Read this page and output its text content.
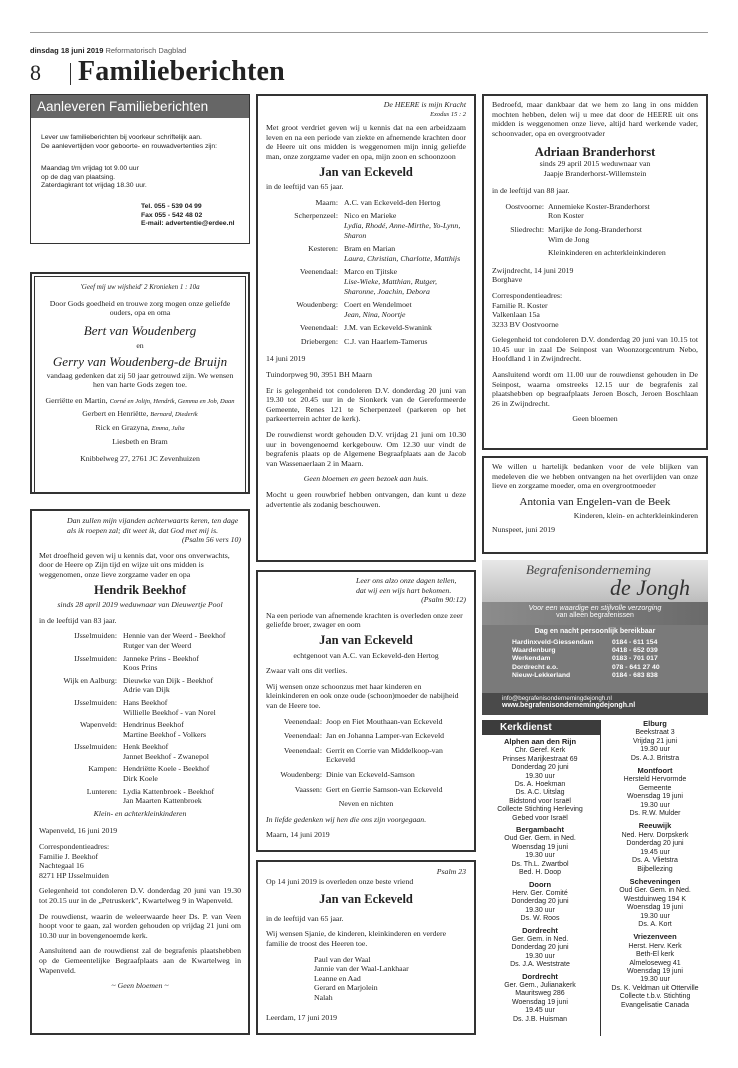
dinsdag 18 juni 2019 Reformatorisch Dagblad
8 Familieberichten
Aanleveren Familieberichten
Lever uw familieberichten bij voorkeur schriftelijk aan.
De aanlevertijden voor geboorte- en rouwadvertenties zijn:
Maandag t/m vrijdag tot 9.00 uur
op de dag van plaatsing.
Zaterdagkrant tot vrijdag 18.30 uur.
Tel. 055 - 539 04 99
Fax 055 - 542 48 02
E-mail: advertentie@erdee.nl
'Geef mij uw wijsheid' 2 Kronieken 1 : 10a
Door Gods goedheid en trouwe zorg mogen onze geliefde ouders, opa en oma
Bert van Woudenberg
en
Gerry van Woudenberg-de Bruijn
vandaag gedenken dat zij 50 jaar getrouwd zijn. We wensen hen van harte Gods zegen toe.
Gerriëtte en Martin, Corné en Jolijn, Hendrik, Gemma en Job, Daan
Gerbert en Henriëtte, Bernard, Diederik
Rick en Grazyna, Emma, Julia
Liesbeth en Bram
Knibbelweg 27, 2761 JC Zevenhuizen
Dan zullen mijn vijanden achterwaarts keren, ten dage als ik roepen zal; dit weet ik, dat God met mij is.
(Psalm 56 vers 10)

Met droefheid geven wij u kennis dat, voor ons onverwachts, door de Heere op Zijn tijd en wijze uit ons midden is weggenomen, onze lieve zorgzame vader en opa

Hendrik Beekhof
sinds 28 april 2019 weduwnaar van Dieuwertje Pool

in de leeftijd van 83 jaar.

IJsselmuiden: Hennie van der Weerd - Beekhof
Rutger van der Weerd
IJsselmuiden: Janneke Prins - Beekhof
Koos Prins
Wijk en Aalburg: Dieuwke van Dijk - Beekhof
Adrie van Dijk
IJsselmuiden: Hans Beekhof
Willielle Beekhof - van Norel
Wapenveld: Hendrinus Beekhof
Martine Beekhof - Volkers
IJsselmuiden: Henk Beekhof
Jannet Beekhof - Zwanepol
Kampen: Hendriëtte Koele - Beekhof
Dirk Koele
Lunteren: Lydia Kattenbroek - Beekhof
Jan Maarten Kattenbroek
Klein- en achterkleinkinderen

Wapenveld, 16 juni 2019

Correspondentieadres:
Familie J. Beekhof
Nachtegaal 16

8271 HP IJsselmuiden

Gelegenheid tot condoleren D.V. donderdag 20 juni van 19.30 tot 20.15 uur in de „Petruskerk", Kwartelweg 9 in Wapenveld.

De rouwdienst, waarin de weleerwaarde heer Ds. P. van Veen hoopt voor te gaan, zal worden gehouden op vrijdag 21 juni om 10.30 uur in bovengenoemde kerk.

Aansluitend aan de rouwdienst zal de begrafenis plaatshebben op de Gemeentelijke Begraafplaats aan de Kwartelweg in Wapenveld.

~ Geen bloemen ~
De HEERE is mijn Kracht
Exodus 15 : 2

Met groot verdriet geven wij u kennis dat na een arbeidzaam leven en na een periode van ziekte en afnemende krachten door de Heere uit ons midden is weggenomen mijn innig geliefde man, onze zorgzame vader en opa, mijn zoon en schoonzoon

Jan van Eckeveld

in de leeftijd van 65 jaar.

Maarn: A.C. van Eckeveld-den Hertog
Scherpenzeel: Nico en Marieke
Lydia, Rhodé, Anne-Mirthe, Yo-Lynn, Sharon
Kesteren: Bram en Marian
Laura, Christian, Charlotte, Matthijs
Veenendaal: Marco en Tjitske
Lise-Wieke, Matthian, Rutger, Sharonne, Joachin, Debora
Woudenberg: Coert en Wendelmoet
Jean, Nina, Noortje
Veenendaal: J.M. van Eckeveld-Swanink
Driebergen: C.J. van Haarlem-Tamerus

14 juni 2019

Tuindorpweg 90, 3951 BH Maarn

Er is gelegenheid tot condoleren D.V. donderdag 20 juni van 19.30 tot 20.45 uur in de Sionkerk van de Gereformeerde Gemeente, Renes 121 te Scherpenzeel (parkeren op het parkeerterrein achter de kerk).

De rouwdienst wordt gehouden D.V. vrijdag 21 juni om 10.30 uur in bovengenoemd kerkgebouw. Om 12.30 uur vindt de begrafenis plaats op de Algemene Begraafplaats aan de Jacob van Wassenaerlaan 2 in Maarn.

Geen bloemen en geen bezoek aan huis.

Mocht u geen rouwbrief hebben ontvangen, dan kunt u deze advertentie als zodanig beschouwen.

Leer ons alzo onze dagen tellen, dat wij een wijs hart bekomen.
(Psalm 90:12)

Na een periode van afnemende krachten is overleden onze zeer geliefde broer, zwager en oom

Jan van Eckeveld
echtgenoot van A.C. van Eckeveld-den Hertog

Zwaar valt ons dit verlies.

Wij wensen onze schoonzus met haar kinderen en kleinkinderen en ook onze oude (schoon)moeder de nabijheid van de Heere toe.

Veenendaal: Joop en Fiet Mouthaan-van Eckeveld
Veenendaal: Jan en Johanna Lamper-van Eckeveld
Veenendaal: Gerrit en Corrie van Middelkoop-van Eckeveld
Woudenberg: Dinie van Eckeveld-Samson
Vaassen: Gert en Gerrie Samson-van Eckeveld
Neven en nichten

In liefde gedenken wij hen die ons zijn voorgegaan.

Maarn, 14 juni 2019
Psalm 23
Op 14 juni 2019 is overleden onze beste vriend
Jan van Eckeveld

in de leeftijd van 65 jaar.

Wij wensen Sjanie, de kinderen, kleinkinderen en verdere familie de troost des Heeren toe.

Paul van der Waal
Jannie van der Waal-Lankhaar
Leanne en Aad
Gerard en Marjolein
Nalah
Leerdam, 17 juni 2019

Bedroefd, maar dankbaar dat we hem zo lang in ons midden mochten hebben, delen wij u mee dat door de HEERE uit ons midden is weggenomen onze lieve, altijd hard werkende vader, schoonvader, opa en overgrootvader

Adriaan Branderhorst
sinds 29 april 2015 weduwnaar van
Jaapje Branderhorst-Willemstein

in de leeftijd van 88 jaar.

Oostvoorne: Annemieke Koster-Branderhorst
Ron Koster
Sliedrecht: Marijke de Jong-Branderhorst
Wim de Jong
Kleinkinderen en achterkleinkinderen
Zwijndrecht, 14 juni 2019

Borghave

Correspondentieadres:
Familie R. Koster
Valkenlaan 15a

3233 BV Oostvoorne

Gelegenheid tot condoleren D.V. donderdag 20 juni van 10.15 tot 10.45 uur in zaal De Seinpost van Woonzorgcentrum Nebo, Hoofdland 1 in Zwijndrecht.

Aansluitend wordt om 11.00 uur de rouwdienst gehouden in De Seinpost, waarna omstreeks 12.15 uur de begrafenis zal plaatshebben op begraafplaats Jeroen Bosch, Jeroen Boschlaan 26 in Zwijndrecht.

Geen bloemen
We willen u hartelijk bedanken voor de vele blijken van medeleven die we hebben ontvangen na het overlijden van onze lieve en zorgzame moeder, oma en overgrootmoeder
Antonia van Engelen-van de Beek
Kinderen, klein- en achterkleinkinderen
Nunspeet, juni 2019
Begrafenisonderneming
de Jongh
Voor een waardige en stijlvolle verzorging
van alleen begrafenissen
Dag en nacht persoonlijk bereikbaar
Hardinxveld-Giessendam	0184 - 611 154
Waardenburg	0418 - 652 039
Werkendam	0183 - 701 017
Dordrecht e.o.	078 - 641 27 40
Nieuw-Lekkerland	0184 - 683 838
info@begrafenisondernemingdejongh.nl
www.begrafenisondernemingdejongh.nl
Kerkdienst
Alphen aan den Rijn
Chr. Geref. Kerk
Prinses Marijkestraat 69
Donderdag 20 juni
19.30 uur
Ds. A. Hoekman
Ds. A.C. Uitslag
Bidstond voor Israël
Collecte Stichting Herleving
Gebed voor Israël
Bergambacht
Oud Ger. Gem. in Ned.
Woensdag 19 juni
19.30 uur
Ds. Th.L. Zwartbol
Bed. H. Doop
Doorn
Herv. Ger. Comité
Donderdag 20 juni
19.30 uur
Ds. W. Roos
Dordrecht
Ger. Gem. in Ned.
Donderdag 20 juni
19.30 uur
Ds. J.A. Weststrate
Dordrecht
Ger. Gem., Julianakerk
Mauritsweg 286
Woensdag 19 juni
19.45 uur
Ds. J.B. Huisman
Elburg
Beekstraat 3
Vrijdag 21 juni
19.30 uur
Ds. A.J. Britstra
Montfoort
Hersteld Hervormde
Gemeente
Woensdag 19 juni
19.30 uur
Ds. R.W. Mulder
Reeuwijk
Ned. Herv. Dorpskerk
Donderdag 20 juni
19.45 uur
Ds. A. Vlietstra
Bijbellezing
Scheveningen
Oud Ger. Gem. in Ned.
Westduinweg 194 K
Woensdag 19 juni
19.30 uur
Ds. A. Kort
Vriezenveen
Herst. Herv. Kerk
Beth-El kerk
Almeloseweg 41
Woensdag 19 juni
19.30 uur
Ds. K. Veldman uit Otterville
Collecte t.b.v. Stichting
Evangelisatie Canada
